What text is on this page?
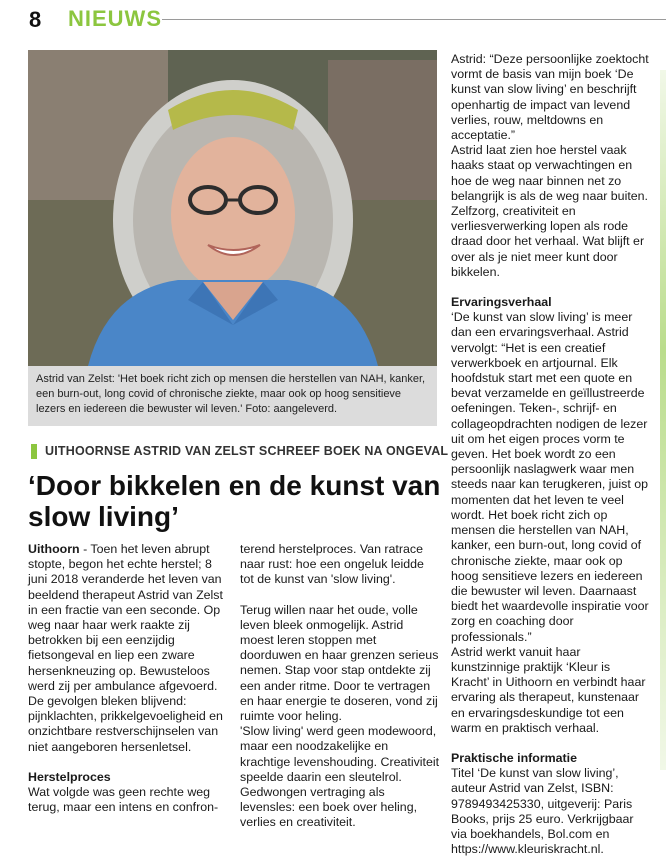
8 NIEUWS
Astrid van Zelst: 'Het boek richt zich op mensen die herstellen van NAH, kanker, een burn-out, long covid of chronische ziekte, maar ook op hoog sensitieve lezers en iedereen die bewuster wil leven.' Foto: aangeleverd.
UITHOORNSE ASTRID VAN ZELST SCHREEF BOEK NA ONGEVAL
‘Door bikkelen en de kunst van slow living’

Uithoorn - Toen het leven abrupt stopte, begon het echte herstel; 8 juni 2018 veranderde het leven van beeldend therapeut Astrid van Zelst in een fractie van een seconde. Op weg naar haar werk raakte zij betrokken bij een eenzijdig fietsongeval en liep een zware hersenkneuzing op. Bewusteloos werd zij per ambulance afgevoerd.

De gevolgen bleken blijvend: pijnklachten, prikkelgevoeligheid en onzichtbare restverschijnselen van niet aangeboren hersenletsel.

Herstelproces

Wat volgde was geen rechte weg terug, maar een intens en confron-

terend herstelproces. Van ratrace naar rust: hoe een ongeluk leidde tot de kunst van 'slow living'.

Terug willen naar het oude, volle leven bleek onmogelijk. Astrid moest leren stoppen met doorduwen en haar grenzen serieus nemen. Stap voor stap ontdekte zij een ander ritme. Door te vertragen en haar energie te doseren, vond zij ruimte voor heling.

'Slow living' werd geen modewoord, maar een noodzakelijke en krachtige levenshouding. Creativiteit speelde daarin een sleutelrol. Gedwongen vertraging als levensles: een boek over heling, verlies en creativiteit.

Astrid: “Deze persoonlijke zoektocht vormt de basis van mijn boek ‘De kunst van slow living’ en beschrijft openhartig de impact van levend verlies, rouw, meltdowns en acceptatie.”

Astrid laat zien hoe herstel vaak haaks staat op verwachtingen en hoe de weg naar binnen net zo belangrijk is als de weg naar buiten. Zelfzorg, creativiteit en verliesverwerking lopen als rode draad door het verhaal. Wat blijft er over als je niet meer kunt door bikkelen.

Ervaringsverhaal

‘De kunst van slow living’ is meer dan een ervaringsverhaal. Astrid vervolgt: “Het is een creatief verwerkboek en artjournal. Elk hoofdstuk start met een quote en bevat verzamelde en geïllustreerde oefeningen. Teken-, schrijf- en collageopdrachten nodigen de lezer uit om het eigen proces vorm te geven. Het boek wordt zo een persoonlijk naslagwerk waar men steeds naar kan terugkeren, juist op momenten dat het leven te veel wordt. Het boek richt zich op mensen die herstellen van NAH, kanker, een burn-out, long covid of chronische ziekte, maar ook op hoog sensitieve lezers en iedereen die bewuster wil leven. Daarnaast biedt het waardevolle inspiratie voor zorg en coaching door professionals.”

Astrid werkt vanuit haar kunstzinnige praktijk ‘Kleur is Kracht’ in Uithoorn en verbindt haar ervaring als therapeut, kunstenaar en ervaringsdeskundige tot een warm en praktisch verhaal.

Praktische informatie

Titel ‘De kunst van slow living’, auteur Astrid van Zelst, ISBN: 9789493425330, uitgeverij: Paris Books, prijs 25 euro. Verkrijgbaar via boekhandels, Bol.com en https://www.kleuriskracht.nl.
